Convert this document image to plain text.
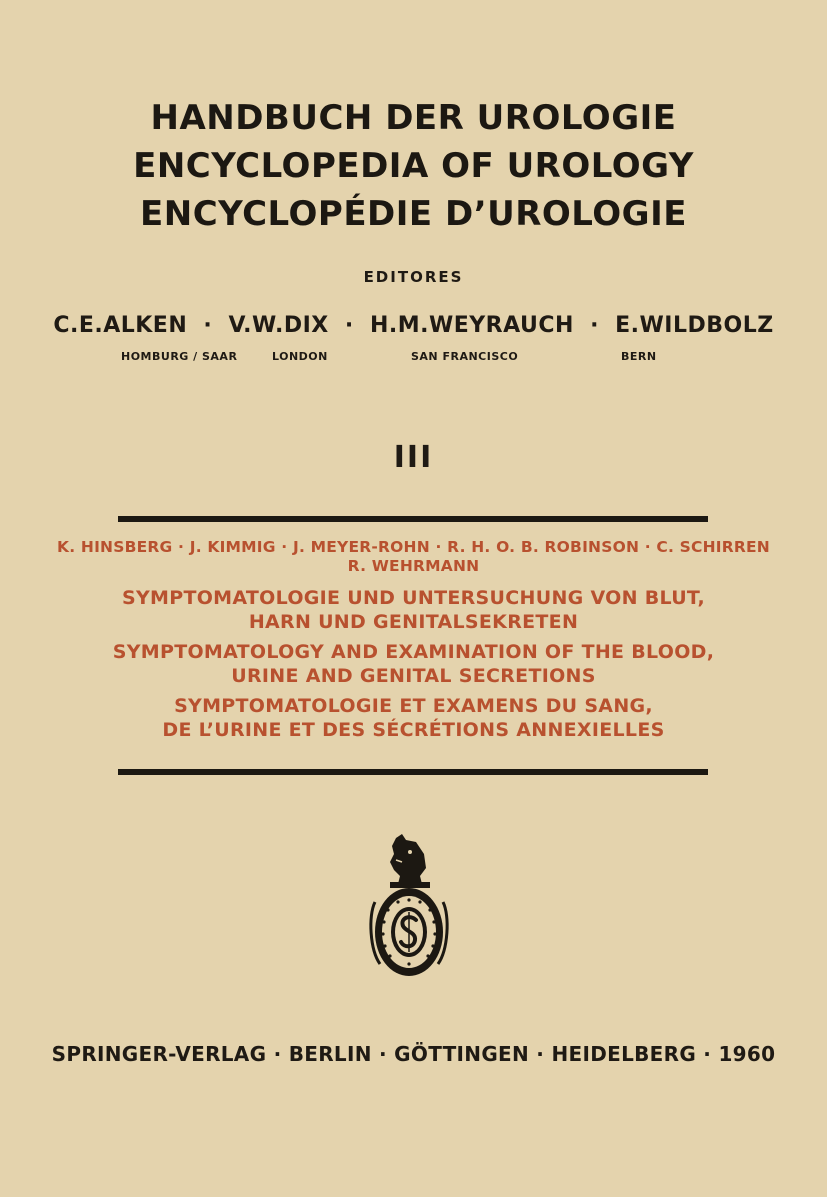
HANDBUCH DER UROLOGIE
ENCYCLOPEDIA OF UROLOGY
ENCYCLOPÉDIE D’UROLOGIE
EDITORES
C.E.ALKEN · V.W.DIX · H.M.WEYRAUCH · E.WILDBOLZ
HOMBURG / SAAR	LONDON	SAN FRANCISCO	BERN
III
K. HINSBERG · J. KIMMIG · J. MEYER-ROHN · R. H. O. B. ROBINSON · C. SCHIRREN
R. WEHRMANN
SYMPTOMATOLOGIE UND UNTERSUCHUNG VON BLUT,
HARN UND GENITALSEKRETEN
SYMPTOMATOLOGY AND EXAMINATION OF THE BLOOD,
URINE AND GENITAL SECRETIONS
SYMPTOMATOLOGIE ET EXAMENS DU SANG,
DE L’URINE ET DES SÉCRÉTIONS ANNEXIELLES
SPRINGER-VERLAG · BERLIN · GÖTTINGEN · HEIDELBERG · 1960
